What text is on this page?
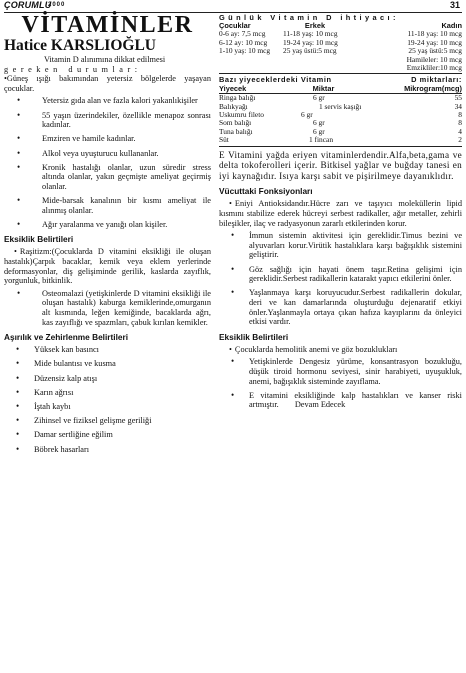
ÇORUMLU
2000	31
VİTAMİNLER
Hatice KARSLIOĞLU

Vitamin D alınımına dikkat edilmesi
gereken durumlar:

•Güneş ışığı bakımından yetersiz bölgelerde yaşayan çocuklar.

•	Yetersiz gıda alan ve fazla kalori yakanlıkişiler
•	55 yaşın üzerindekiler, özellikle menapoz sonrası kadınlar.
•	Emziren ve hamile kadınlar.
•	Alkol veya uyuşturucu kullananlar.
•	Kronik hastalığı olanlar, uzun süredir stress altında olanlar, yakın geçmişte ameliyat geçirmiş olanlar.
•	Mide-barsak kanalının bir kısmı ameliyat ile alınmış olanlar.
•	Ağır yaralanma ve yanığı olan kişiler.
Eksiklik Belirtileri

• Raşitizm:(Çocuklarda D vitamini eksikliği ile oluşan hastalık)Çarpık bacaklar, kemik veya eklem yerlerinde deformasyonlar, diş gelişiminde gerilik, kaslarda zayıflık, yorgunluk, bitkinlik.

•	Osteomalazi (yetişkinlerde D vitamini eksikliği ile oluşan hastalık) kaburga kemiklerinde,omurganın alt kısmında, leğen kemiğinde, bacaklarda ağrı, kas zayıflığı ve spazmları, çabuk kırılan kemikler.
Aşırılık ve Zehirlenme Belirtileri
• Yüksek kan basıncı
• Mide bulantısı ve kusma
• Düzensiz kalp atışı
• Karın ağrısı
• İştah kaybı
• Zihinsel ve fiziksel gelişme geriliği
• Damar sertliğine eğilim
• Böbrek hasarları
Günlük Vitamin D ihtiyacı:
Çocuklar	Erkek	Kadın
0-6 ay: 7,5 mcg	11-18 yaş: 10 mcg	11-18 yaş: 10 mcg
6-12 ay: 10 mcg	19-24 yaş: 10 mcg	19-24 yaş: 10 mcg
1-10 yaş: 10 mcg	25 yaş üstü:5 mcg	25 yaş üstü:5 mcg
Hamileler: 10 mcg
Emzikliler:10 mcg
Bazı yiyeceklerdeki Vitamin	D miktarları:
Yiyecek	Miktar	Mikrogram(mcg)
Ringa balığı	6 gr	55
Balıkyağı	1 servis kaşığı	34
Uskumru fileto	6 gr	8
Som balığı	6 gr	8
Tuna balığı	6 gr	4
Süt	1 fincan	2

E Vitamini yağda eriyen vitaminlerdendir.Alfa,beta,gama ve delta tokoferolleri içerir. Bitkisel yağlar ve buğday tanesi en iyi kaynağıdır. Isıya karşı sabit ve pişirilmeye dayanıklıdır.

Vücuttaki Fonksiyonları

• Eniyi Antioksidandır.Hücre zarı ve taşıyıcı moleküllerin lipid kısmını stabilize ederek hücreyi serbest radikaller, ağır metaller, zehirli bileşikler, ilaç ve radyasyonun zararlı etkilerinden korur.

• İmmun sistemin aktivitesi için gereklidir.Timus bezini ve alyuvarları korur.Virütik hastalıklara karşı bağışıklık sistemini geliştirir.
• Göz sağlığı için hayati önem taşır.Retina gelişimi için gereklidir.Serbest radikallerin katarakt yapıcı etkilerini önler.
• Yaşlanmaya karşı koruyucudur.Serbest radikallerin dokular, deri ve kan damarlarında oluşturduğu dejenaratif etkiyi önler.Yaşlanmayla ortaya çıkan hafıza kayıplarını da önleyici etkisi vardır.
Eksiklik Belirtileri

• Çocuklarda hemolitik anemi ve göz bozuklukları

• Yetişkinlerde Dengesiz yürüme, konsantrasyon bozukluğu, düşük tiroid hormonu seviyesi, sinir harabiyeti, uyuşukluk, anemi, bağışıklık sisteminde zayıflama.
• E vitamini eksikliğinde kalp hastalıkları ve kanser riski artmıştır. Devam Edecek
